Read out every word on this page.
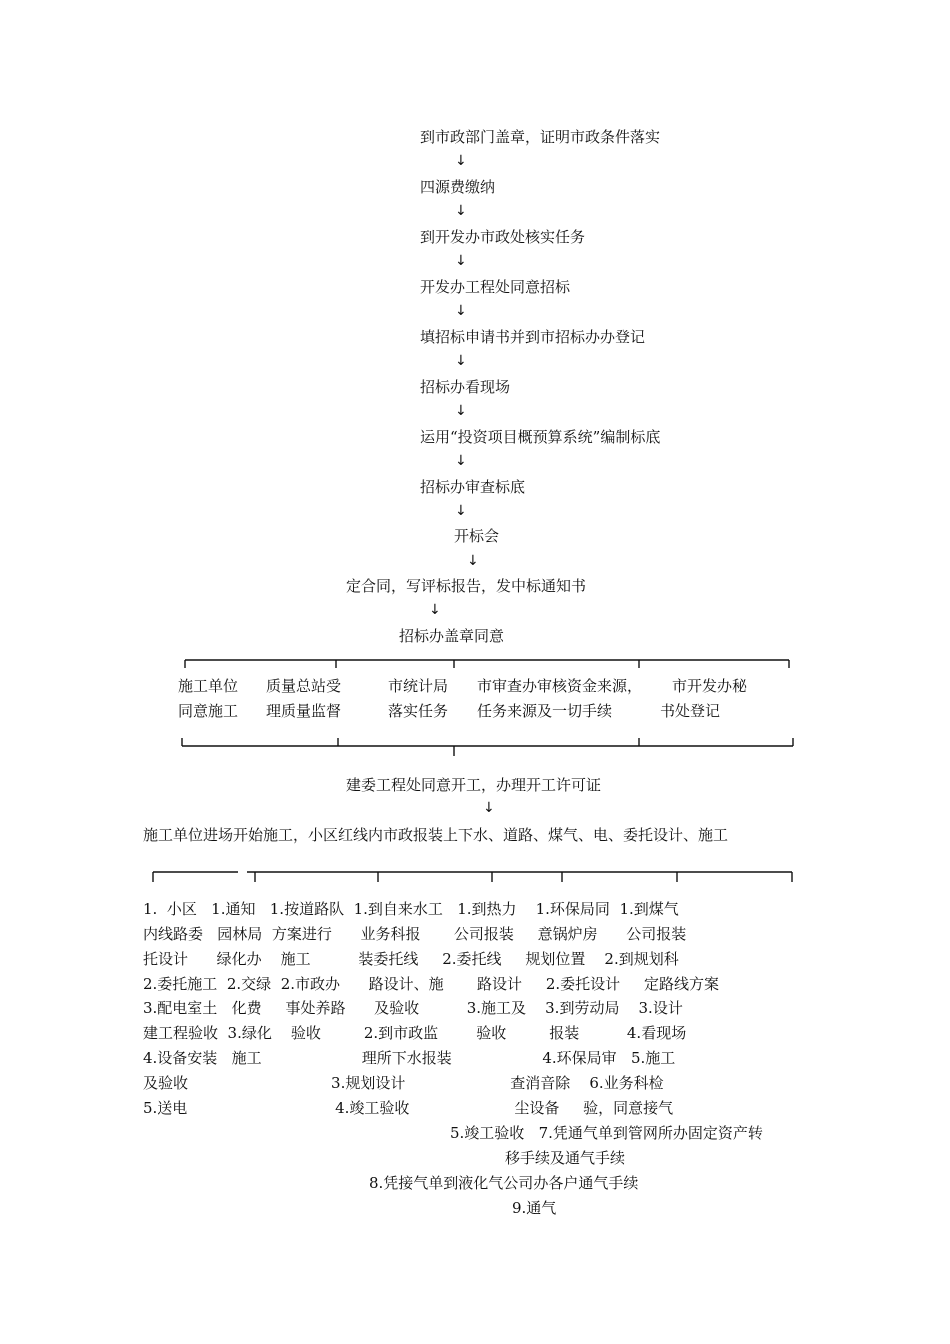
到市政部门盖章，证明市政条件落实
↓
四源费缴纳
↓
到开发办市政处核实任务
↓
开发办工程处同意招标
↓
填招标申请书并到市招标办办登记
↓
招标办看现场
↓
运用“投资项目概预算系统”编制标底
↓
招标办审查标底
↓
开标会
↓
定合同，写评标报告，发中标通知书
↓
招标办盖章同意
施工单位
同意施工
质量总站受
理质量监督
市统计局
落实任务
市审查办审核资金来源，
任务来源及一切手续
市开发办秘
书处登记
建委工程处同意开工，办理开工许可证
↓
施工单位进场开始施工，小区红线内市政报装上下水、道路、煤气、电、委托设计、施工
1.  小区   1.通知   1.按道路队  1.到自来水工   1.到热力    1.环保局同  1.到煤气
内线路委   园林局  方案进行      业务科报       公司报装     意锅炉房      公司报装
托设计      绿化办    施工          装委托线     2.委托线     规划位置    2.到规划科
2.委托施工  2.交绿  2.市政办      路设计、施       路设计     2.委托设计     定路线方案
3.配电室土   化费     事处养路      及验收          3.施工及    3.到劳动局    3.设计
建工程验收  3.绿化    验收         2.到市政监        验收         报装          4.看现场
4.设备安装   施工                     理所下水报装                   4.环保局审   5.施工
及验收                              3.规划设计                      查消音除    6.业务科检
5.送电                               4.竣工验收                      尘设备     验，同意接气
5.竣工验收   7.凭通气单到管网所办固定资产转
移手续及通气手续
8.凭接气单到液化气公司办各户通气手续
9.通气
